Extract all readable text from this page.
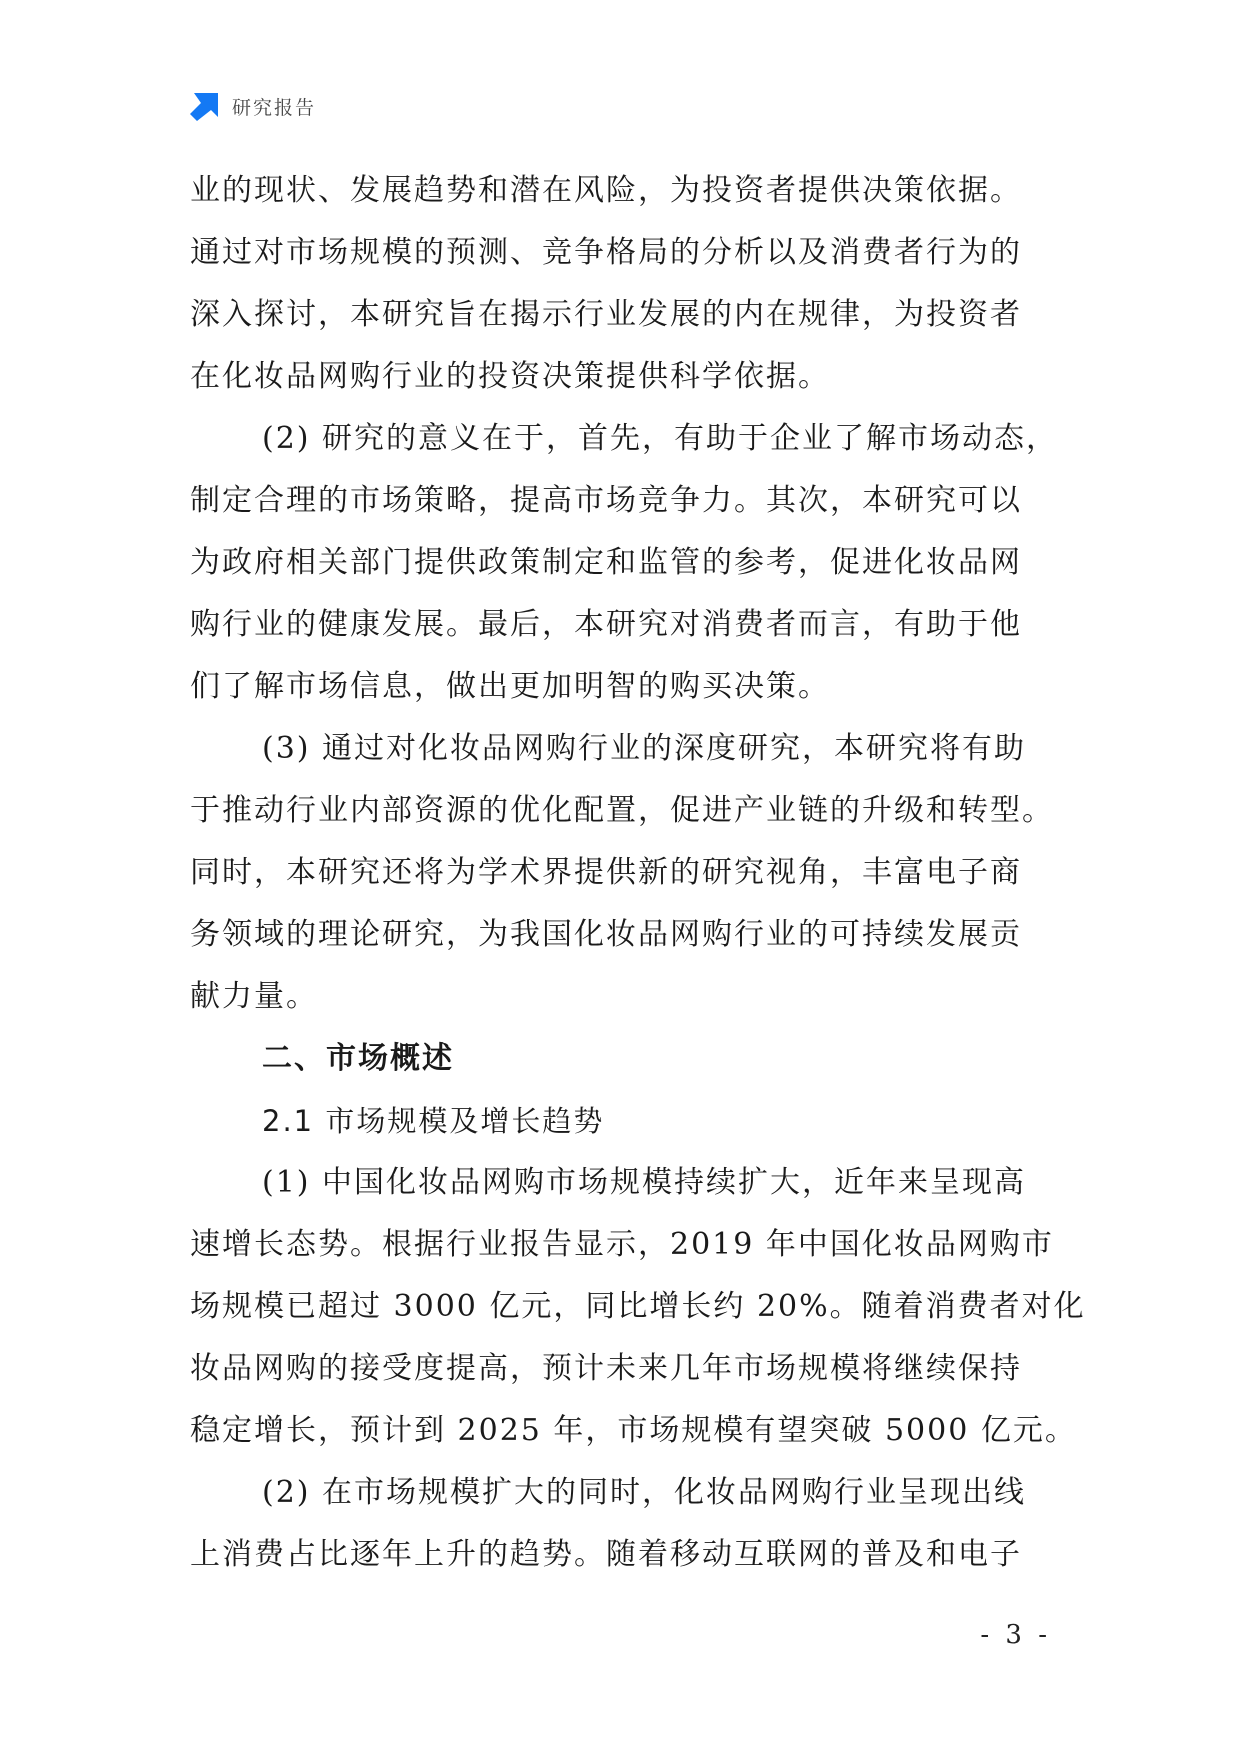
研究报告
业的现状、发展趋势和潜在风险，为投资者提供决策依据。
通过对市场规模的预测、竞争格局的分析以及消费者行为的
深入探讨，本研究旨在揭示行业发展的内在规律，为投资者
在化妆品网购行业的投资决策提供科学依据。
(2) 研究的意义在于，首先，有助于企业了解市场动态，
制定合理的市场策略，提高市场竞争力。其次，本研究可以
为政府相关部门提供政策制定和监管的参考，促进化妆品网
购行业的健康发展。最后，本研究对消费者而言，有助于他
们了解市场信息，做出更加明智的购买决策。
(3) 通过对化妆品网购行业的深度研究，本研究将有助
于推动行业内部资源的优化配置，促进产业链的升级和转型。
同时，本研究还将为学术界提供新的研究视角，丰富电子商
务领域的理论研究，为我国化妆品网购行业的可持续发展贡
献力量。
二、市场概述
2.1 市场规模及增长趋势
(1) 中国化妆品网购市场规模持续扩大，近年来呈现高
速增长态势。根据行业报告显示，2019 年中国化妆品网购市
场规模已超过 3000 亿元，同比增长约 20%。随着消费者对化
妆品网购的接受度提高，预计未来几年市场规模将继续保持
稳定增长，预计到 2025 年，市场规模有望突破 5000 亿元。
(2) 在市场规模扩大的同时，化妆品网购行业呈现出线
上消费占比逐年上升的趋势。随着移动互联网的普及和电子
- 3 -
